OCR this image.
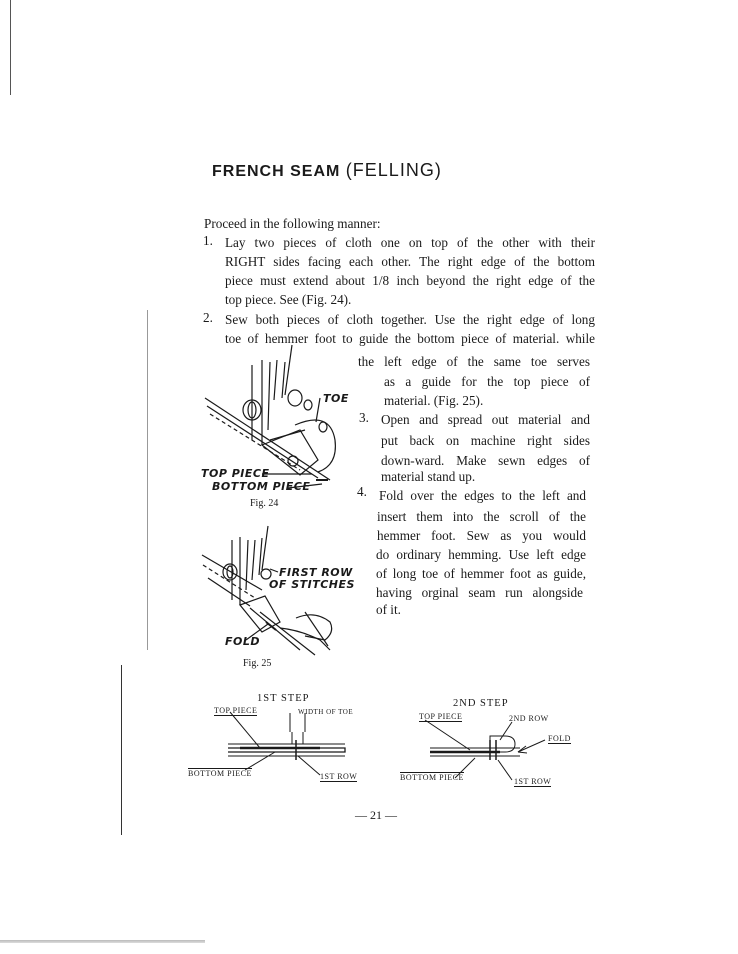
FRENCH SEAM (FELLING)
Proceed in the following manner:
1. Lay two pieces of cloth one on top of the other with their
RIGHT sides facing each other. The right edge of the bottom
piece must extend about 1/8 inch beyond the right edge of the
top piece. See (Fig. 24).
2. Sew both pieces of cloth together. Use the right edge of long
toe of hemmer foot to guide the bottom piece of material. while
the left edge of the same toe serves
as a guide for the top piece of
material. (Fig. 25).
3. Open and spread out material and
put back on machine right sides
down-ward. Make sewn edges of
material stand up.
4. Fold over the edges to the left and
insert them into the scroll of the
hemmer foot. Sew as you would
do ordinary hemming. Use left edge
of long toe of hemmer foot as guide,
having orginal seam run alongside
of it.
TOE
TOP PIECE
BOTTOM PIECE
Fig. 24
FIRST ROW
OF STITCHES
FOLD
Fig. 25
1ST STEP
TOP PIECE	WIDTH OF TOE
BOTTOM PIECE	1ST ROW
2ND STEP
TOP PIECE	2ND ROW
FOLD
BOTTOM PIECE	1ST ROW
— 21 —
